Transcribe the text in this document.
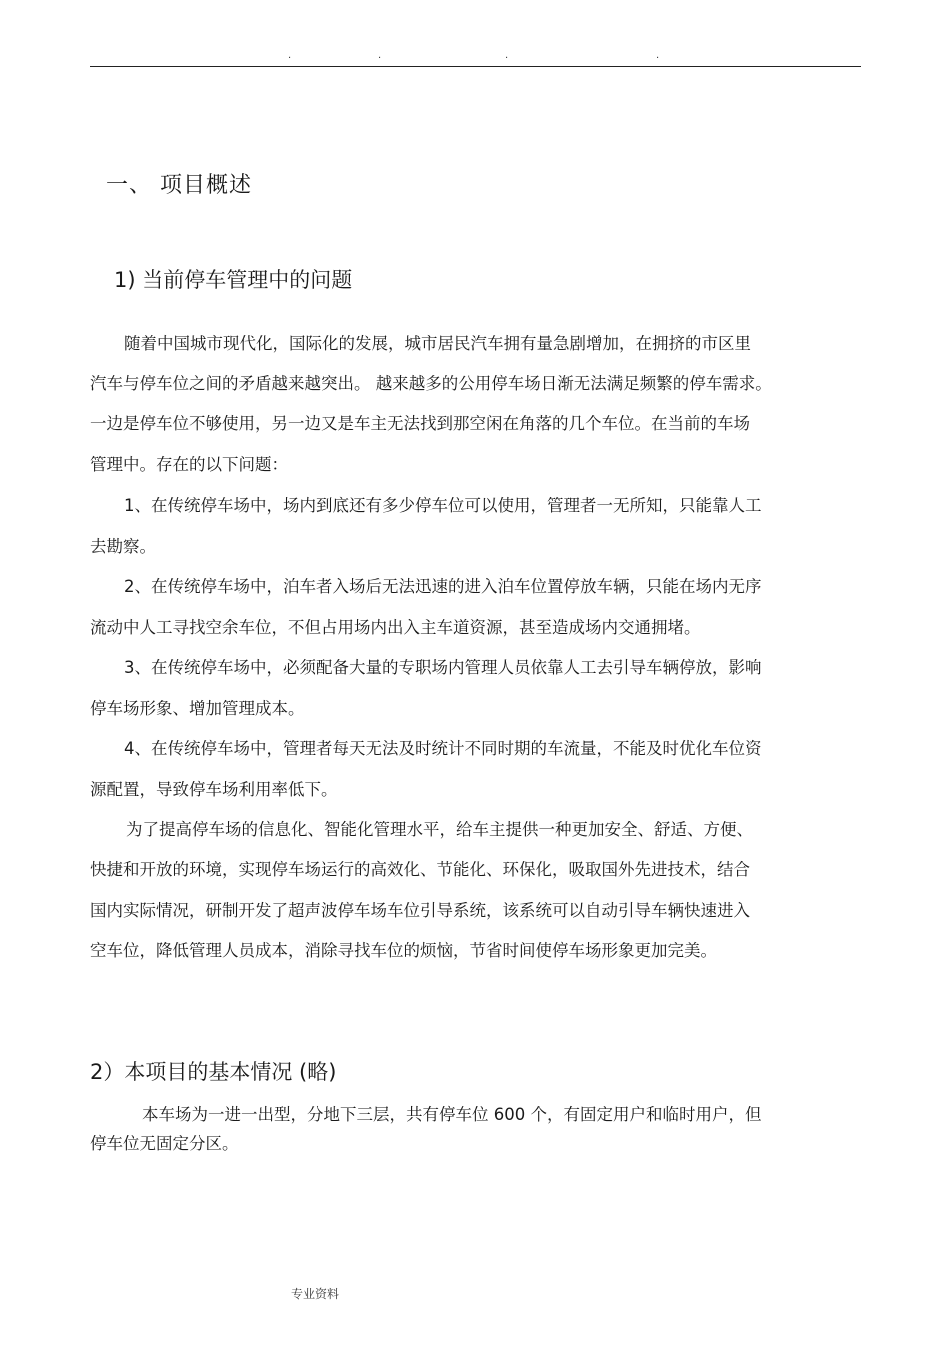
.	.	.	.
一、 项目概述
1) 当前停车管理中的问题
随着中国城市现代化，国际化的发展，城市居民汽车拥有量急剧增加，在拥挤的市区里
汽车与停车位之间的矛盾越来越突出。 越来越多的公用停车场日渐无法满足频繁的停车需求。
一边是停车位不够使用，另一边又是车主无法找到那空闲在角落的几个车位。在当前的车场
管理中。存在的以下问题：
1、在传统停车场中，场内到底还有多少停车位可以使用，管理者一无所知，只能靠人工
去勘察。
2、在传统停车场中，泊车者入场后无法迅速的进入泊车位置停放车辆，只能在场内无序
流动中人工寻找空余车位，不但占用场内出入主车道资源，甚至造成场内交通拥堵。
3、在传统停车场中，必须配备大量的专职场内管理人员依靠人工去引导车辆停放，影响
停车场形象、增加管理成本。
4、在传统停车场中，管理者每天无法及时统计不同时期的车流量，不能及时优化车位资
源配置，导致停车场利用率低下。
为了提高停车场的信息化、智能化管理水平，给车主提供一种更加安全、舒适、方便、
快捷和开放的环境，实现停车场运行的高效化、节能化、环保化，吸取国外先进技术，结合
国内实际情况，研制开发了超声波停车场车位引导系统，该系统可以自动引导车辆快速进入
空车位，降低管理人员成本，消除寻找车位的烦恼，节省时间使停车场形象更加完美。
2）本项目的基本情况 (略)
本车场为一进一出型，分地下三层，共有停车位 600 个，有固定用户和临时用户，但
停车位无固定分区。
专业资料
